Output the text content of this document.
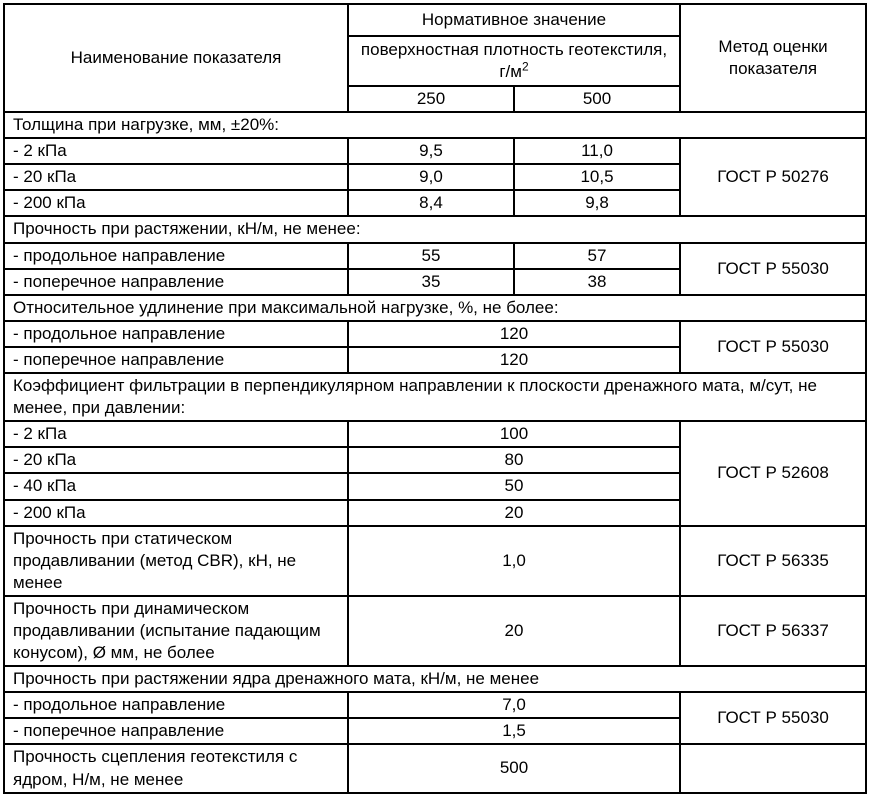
Наименование показателя	Нормативное значение		Метод оценки показателя
	поверхностная плотность геотекстиля, $г/м^2$
	250	500	
Толщина при нагрузке, мм, ±20%:			
- 2 кПа	9,5	11,0	ГОСТ Р 50276
- 20 кПа	9,0	10,5	
- 200 кПа	8,4	9,8	
Прочность при растяжении, кН/м, не менее:			
- продольное направление	55	57	ГОСТ Р 55030
- поперечное направление	35	38	
Относительное удлинение при максимальной нагрузке, %, не более:			
- продольное направление	120		ГОСТ Р 55030
- поперечное направление	120		
Коэффициент фильтрации в перпендикулярном направлении к плоскости дренажного мата, м/сут, не менее, при давлении:			
- 2 кПа	100		ГОСТ Р 52608
- 20 кПа	80		
- 40 кПа	50		
- 200 кПа	20		
Прочность при статическом продавливании (метод CBR), кН, не менее	1,0		ГОСТ Р 56335
Прочность при динамическом продавливании (испытание падающим конусом), Ø мм, не более	20		ГОСТ Р 56337
Прочность при растяжении ядра дренажного мата, кН/м, не менее			
- продольное направление	7,0		ГОСТ Р 55030
- поперечное направление	1,5		
Прочность сцепления геотекстиля с ядром, Н/м, не менее	500		
